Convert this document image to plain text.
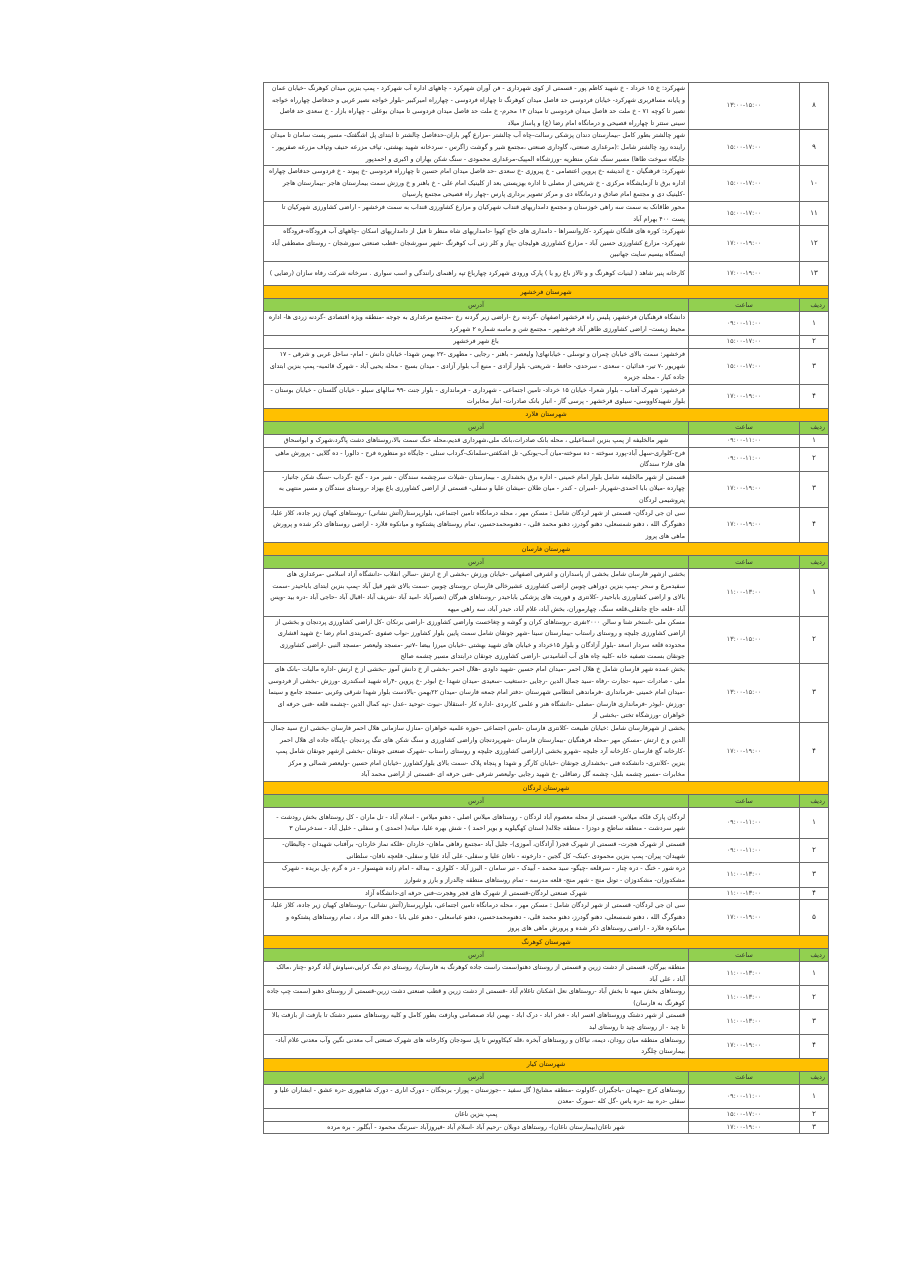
۸	۱۳:۰۰-۱۵:۰۰	شهرکرد: خ ۱۵ خرداد - خ شهید کاظم پور - قسمتی از کوی شهرداری - فن آوران شهرکرد - چاههای اداره آب شهرکرد - پمپ بنزین میدان کوهرنگ -خیابان عمان و پایانه مسافربری شهرکرد- خیابان فردوسی حد فاصل میدان کوهرنگ تا چهاراه فردوسی - چهارراه امیرکبیر -بلوار خواجه نصیر غربی و حدفاصل چهارراه خواجه نصیر تا کوچه ۷۱ - خ ملت حد فاصل میدان فردوسی تا میدان ۱۴ محرم- خ ملت حد فاصل میدان فردوسی تا میدان بوعلی - چهاراه بازار - خ سعدی حد فاصل سینی ستتر تا چهارراه فصیحی و درمانگاه امام رضا (ع) و پاساژ میلاد
۹	۱۵:۰۰-۱۷:۰۰	شهر چالشتر بطور کامل -بیمارستان دندان پزشکی رسالت-چاه آب چالشتر -مزارع گهر باران-حدفاصل چالشتر تا ابتدای پل اشگفتک- مسیر پست سامان تا میدان راینده رود چالشتر شامل :(مرغداری صنعتی، گاوداری صنعتی ،مجتمع شیر و گوشت زاگرس - سردخانه شهید بهشتی، تپاف مزرعه حنیف وتپاف مزرعه صفرپور - جایگاه سوخت طاها) مسیر سنگ شکن منظریه -ورزشگاه المپیک-مرغداری محمودی - سنگ شکن بهاران و اکبری و احمدپور
۱۰	۱۵:۰۰-۱۷:۰۰	شهرکرد: فرهنگیان - خ اندیشه -خ پروین اعتصامی - خ پیروزی -خ سعدی -حد فاصل میدان امام حسین تا چهارراه فردوسی -خ پیوند - خ فردوسی حدفاصل چهاراه اداره برق تا آزمایشگاه مرکزی - خ شریعتی از مصلی تا اداره بهزیستی بعد از کلینیک امام علی - خ باهنر و خ ورزش سمت بیمارستان هاجر -بیمارستان هاجر -کلینیک دی و مجتمع امام صادق و درمانگاه دی و مرکز تصویر برداری پارس -چهار راه فصیحی مجتمع پارسیان
۱۱	۱۵:۰۰-۱۷:۰۰	محور طاقانک به سمت سه راهی خوزستان و مجتمع دامداریهای قنداب شهرکیان و مزارع کشاورزی قنداب به سمت فرخشهر - اراضی کشاورزی شهرکیان تا پست ۴۰۰ بهرام آباد
۱۲	۱۷:۰۰-۱۹:۰۰	شهرکرد: کوره های قلنگان شهرکرد -کاروانسراها - دامداری های حاج کهوا -دامداریهای شاه منظر تا قبل از دامداریهای اسکان -چاههای آب فرودگاه-فرودگاه شهرکرد- مزارع کشاورزی حسین آباد - مزارع کشاورزی هولیجان -پیاز و کلر زنی آب کوهرنگ -شهر سورشجان -قطب صنعتی سورشجان - روستای مصطفی آباد ایستگاه بیسیم سایت جهانبین
۱۳	۱۷:۰۰-۱۹:۰۰	کارخانه پنیر شاهد ( لبنیات کوهرنگ و و تالاز باغ رو یا ) پارک ورودی شهرکرد چهارباغ تپه راهنمای رانندگی و اسب سواری . سرخانه شرکت رفاه سازان (رضایی )
شهرستان فرخشهر		
ردیف	ساعت	آدرس
۱	۰۹:۰۰-۱۱:۰۰	دانشگاه فرهنگیان فرخشهر، پلیس راه فرخشهر اصفهان -گردنه رخ -اراضی زیر گردنه رخ -مجتمع مرغداری به جوجه -منطقه ویژه اقتصادی -گردنه زردی ها- اداره محیط زیست- اراضی کشاورزی طاهر آباد فرخشهر - مجتمع شن و ماسه شماره ۲ شهرکرد
۲	۱۵:۰۰-۱۷:۰۰	باغ شهر فرخشهر
۳	۱۵:۰۰-۱۷:۰۰	فرخشهر: سمت بالای خیابان چمران و توسلی - خیابانهای( ولیعصر - باهنر - رجایی - مطهری -۲۲ بهمن شهدا- خیابان دانش - امام- ساحل غربی و شرقی - ۱۷ شهریور -۷ تیر- فدائیان - سعدی - سرحدی- حافظ - شریعتی- بلوار آزادی - منبع آب بلوار آزادی - میدان بسیج - محله یحیی آباد - شهرک قائمیه- پمپ بنزین ابتدای جاده کیار - محله جزیره
۴	۱۷:۰۰-۱۹:۰۰	فرخشهر: شهرک آفتاب - بلوار شعرا- خیابان ۱۵ خرداد- تامین اجتماعی - شهرداری - فرمانداری - بلوار جنت -۹۹ سالهای سیلو - خیابان گلستان - خیابان بوستان - بلوار شهیدکاووسی- سیلوی فرخشهر - پرسی گاز - انبار بانک صادرات- انبار مخابرات
شهرستان فلارد		
ردیف	ساعت	آدرس
۱	۰۹:۰۰-۱۱:۰۰	شهر مالخلیفه از پمپ بنزین اسماعیلی ، محله بانک صادرات،بانک ملی،شهرداری قدیم،محله خنگ سمت بالا،روستاهای دشت پاگرد،شهرک و ابواسحاق
۲	۰۹:۰۰-۱۱:۰۰	فرح-کلواری-سهل آباد-پورد سوخته - ده سوخته-میان آب-یونکی- تل اشکفتی-سلمانک-گرداب سنلی - جایگاه دو منظوره فرح - دالورا - ده گلایی - پرورش ماهی های فاز۲ سندگان
۳	۱۷:۰۰-۱۹:۰۰	قسمتی از شهر مالخلیفه شامل بلوار امام خمینی - اداره برق بخشداری - بیمارستان -شیلات سرچشمه سندگان - شیر مرد - گنج -گرداب -سنگ شکن جانباز- چهارده -میلان بابا احمدی-شهریار -امیران - کندر - میان طلان -میشان علیا و سفلی- قسمتی از اراضی کشاورزی باغ بهزاد -روستای سندگان و مسیر منتهی به پتروشیمی لردگان
۴	۱۷:۰۰-۱۹:۰۰	سی ان جی لردگان- قسمتی از شهر لردگان شامل : مسکن مهر ، محله درمانگاه تامین اجتماعی، بلوارپرستار(آتش نشانی) -روستاهای کهیان زیر جاده، کلاز علیا، دهنوگرگ الله ، دهنو شمسعلی، دهنو گودرز، دهنو محمد قلی، - دهنومحمدحسین، تمام روستاهای پشتکوه و میانکوه فلارد - اراضی روستاهای ذکر شده و پرورش ماهی های پروز
شهرستان فارسان		
ردیف	ساعت	آدرس
۱	۱۱:۰۰-۱۳:۰۰	بخشی ازشهر فارسان شامل بخشی از پاسداران و اشرفی اصفهانی -خیابان ورزش -بخشی از خ ارتش -سالن انقلاب -دانشگاه آزاد اسلامی -مرغداری های سفیدمرغ و سحر -پمپ بنزین دوراهی چوبین اراضی کشاورزی عشیرخالی فارسان -روستای چوبین -سمت بالای شهر قیل آباد -پمپ بنزین ابتدای باباحیدر -سمت بالای و اراضی کشاورزی باباحیدر -کلانتری و فوریت های پزشکی باباحیدر -روستاهای هیرگان (نصیرآباد -امید آباد -شریف آباد -اقبال آباد -حاجی آباد -دره بید -ویس آباد -قلعه حاج جانقلی،قلعه سنگ، چهارموران، بخش آباد، غلام آباد، حیدر آباد، سه راهی میهه
۲	۱۳:۰۰-۱۵:۰۰	مسکن ملی -استخر شنا و سالن ۲۰۰۰نفری -روستاهای کران و گوشه و چغاخست واراضی کشاورزی -اراضی برنکان -کل اراضی کشاورزی پردنجان و بخشی از اراضی کشاورزی جلیچه و روستای راستاب -بیمارستان سینا -شهر جونقان شامل سمت پایین بلوار کشاورز -نواب صفوی -کمربندی امام رضا -خ شهید افشاری محدوده قلعه سردار اسعد -بلوار آزادگان و بلوار ۱۵خرداد و خیابان های شهید بهشتی -خیابان میرزا بیضا -۷تیر -مسجد ولیعصر -مسجد النبی -اراضی کشاورزی جونقان بسمت تصفیه خانه -کلیه چاه های آب آشامیدنی -اراضی کشاورزی جونقان درابتدای مسیر چشمه صالح
۳	۱۳:۰۰-۱۵:۰۰	بخش عمده شهر فارسان شامل خ هلال احمر -میدان امام حسین -شهید داودی -هلال احمر -بخشی از خ دانش آموز -بخشی از خ ارتش -اداره مالیات -بانک های ملی - صادرات -سپه -تجارت -رفاه -سید جمال الدین -رجایی -دستغیب -سعیدی -میدان شهدا -خ ابوذر -خ پروین -۴راه شهید اسکندری -ورزش -بخشی از فردوسی -میدان امام خمینی -فرمانداری -فرماندهی انتظامی شهرستان -دفتر امام جمعه فارسان -میدان ۲۲بهمن -بالادست بلوار شهدا شرقی وغربی -مسجد جامع و سینما -ورزش -ابوذر -فرمانداری فارسان -مصلی -دانشگاه هنر و علمی کاربردی -اداره کار -استقلال -نبوت -توحید -عدل -تپه کمال الدین -چشمه قلعه -فنی حرفه ای خواهران -ورزشگاه تختی -بخشی از
۴	۱۷:۰۰-۱۹:۰۰	بخشی از شهرفارسان شامل :خیابان طبیعت -کلانتری فارسان -تامین اجتماعی -حوزه علمیه خواهران -منازل سازمانی هلال احمر فارسان -بخشی ازخ سید جمال الدین و خ ارتش -مسکن مهر -محله فرهنگیان -بیمارستان فارسان -شهرپردنجان واراضی کشاورزی و سنگ شکن های تنگ پردنجان -پایگاه جاده ای هلال احمر -کارخانه گچ فارسان -کارخانه آرد جلیچه -شهرو بخشی ازاراضی کشاورزی جلیچه و روستای راستاب -شهرک صنعتی جونقان -بخشی ازشهر جونقان شامل پمپ بنزین -کلانتری- دانشکده فنی -بخشداری جونقان -خیابان کارگر و شهدا و پنجاه پلاک -سمت بالای بلوارکشاورز -خیابان امام حسین -ولیعصر شمالی و مرکز مخابرات -مسیر چشمه بلبل- چشمه گل رضاقلی -خ شهید رجایی -ولیعصر شرقی -فنی حرفه ای -قسمتی از اراضی محمد آباد
شهرستان لردگان		
ردیف	ساعت	آدرس
۱	۰۹:۰۰-۱۱:۰۰	لردگان پارک فلکه میلاس- قسمتی از محله معصوم آباد لردگان - روستاهای میلاس اصلی - دهنو میلاس - اسلام آباد - تل ماران - کل روستاهای بخش رودشت - شهر سردشت - منطقه ساطح و دودزا - منطقه جلاله( استان کهگیلویه و بویر احمد ) - شش بهره علیا، میانه( احمدی ) و سفلی - خلیل آباد - سدخرسان ۳
۲	۰۹:۰۰-۱۱:۰۰	قسمتی از شهرک هجرت- قسمتی از شهرک فجر( آزادگان، آموزی)- جلیل آباد -مجتمع رفاهی ماهان- خاردان -فلکه نماز خاردان- برآفتاب شهیدان - چالبطان- شهیدان- پیران- پمپ بنزین محمودی -کینک- کل گجین - دارخونه - نافان علیا و سفلی- علی آباد علیا و سفلی- قلعچه نافان- سلطانی
۳	۱۱:۰۰-۱۳:۰۰	دره شور - خنگ - دره چنار - سرقلعه -چیگو- سید محمد - آبیدک - تیر سامان - البرز آباد - کلواری - بیداله - امام زاده شهسوار - در ه گرم -پل بریده - شهرک مشکدوزان- مشکدوزان - تونل منج - شهر منج- قلعه مدرسه - تمام روستاهای منطقه چالدراز و بارز و شوارز
۴	۱۱:۰۰-۱۳:۰۰	شهرک صنعتی لردگان-قسمتی از شهرک های فجر وهجرت-فنی حرفه ای-دانشگاه آزاد
۵	۱۷:۰۰-۱۹:۰۰	سی ان جی لردگان- قسمتی از شهر لردگان شامل : مسکن مهر ، محله درمانگاه تامین اجتماعی، بلوارپرستار(آتش نشانی) -روستاهای کهیان زیر جاده، کلاز علیا، دهنوگرگ الله ، دهنو شمسعلی، دهنو گودرز، دهنو محمد قلی، - دهنومحمدحسین، دهنو عباسعلی - دهنو علی بابا - دهنو الله مراد ، تمام روستاهای پشتکوه و میانکوه فلارد - اراضی روستاهای ذکر شده و پرورش ماهی های پروز
شهرستان کوهرنگ		
ردیف	ساعت	آدرس
۱	۱۱:۰۰-۱۳:۰۰	منطقه بیرگان، قسمتی از دشت زرین و قسمتی از روستای دهنو(سمت راست جاده کوهرنگ به فارسان)، روستای دم تنگ کرایی،سیاوش آباد گردو -چنار ،مالک آباد ، علی آباد
۲	۱۱:۰۰-۱۳:۰۰	روستاهای بخش میهه تا بخش آباد -روستاهای نعل اشکنان تاغلام آباد -قسمتی از دشت زرین و قطب صنعتی دشت زرین-قسمتی از روستای دهنو (سمت چپ جاده کوهرنگ به فارسان)
۳	۱۱:۰۰-۱۳:۰۰	قسمتی از شهر دشتک وروستاهای افسر اباد - فخر اباد - درک اباد - بهمن اباد صمصامی وبازفت بطور کامل و کلیه روستاهای مسیر دشتک تا بازفت از بازفت بالا تا چید - از روستای چید تا روستای لبد
۴	۱۷:۰۰-۱۹:۰۰	روستاهای منطقه میان رودان، دیمه، تیاکان و روستاهای آبخره ،قله کیکاووس تا پل سودجان وکارخانه های شهرک صنعتی آب معدنی نگین وآب معدنی غلام آباد- بیمارستان چلگرد
شهرستان کیار		
ردیف	ساعت	آدرس
۱	۰۹:۰۰-۱۱:۰۰	روستاهای کرج -جهمان -باجگیران -گاولوت -منطقه مشایخ( گل سفید - -جوزستان - پوراز- برنجگان - دورک اناری - دورک شاهپوری -دره عشق - ابشاران علیا و سفلی -دره بید -دره یاس -گل کله -سورک -معدن
۲	۱۵:۰۰-۱۷:۰۰	پمپ بنزین ناغان
۳	۱۷:۰۰-۱۹:۰۰	شهر ناغان(بیمارستان ناغان)- روستاهای دوبلان -رحیم آباد -اسلام آباد -فیروزآباد -سرتنگ محمود - آبگلور - بره مرده
